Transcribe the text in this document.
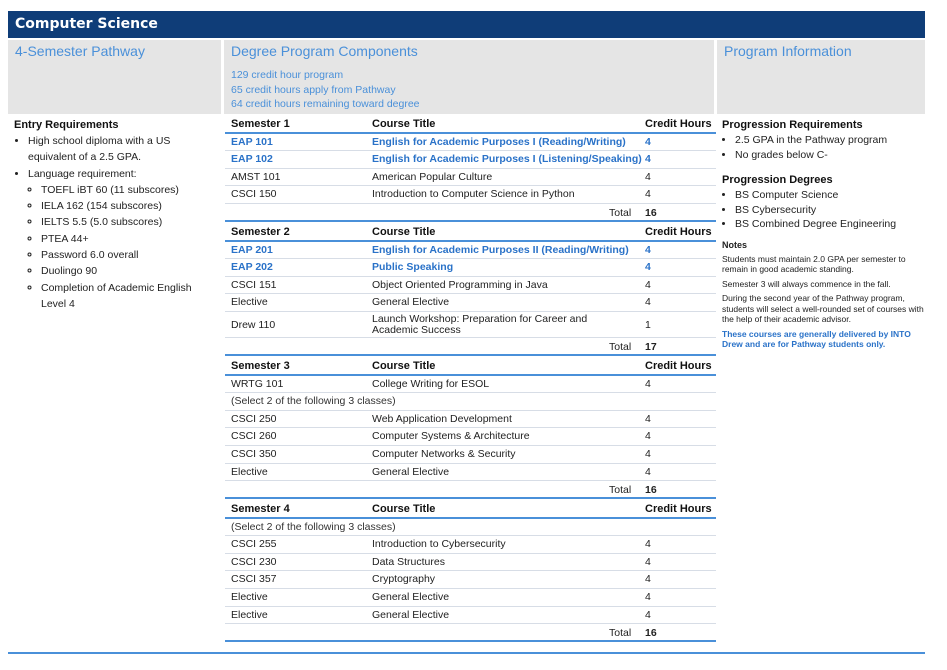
Computer Science
4-Semester Pathway	Degree Program Components
129 credit hour program
65 credit hours apply from Pathway
64 credit hours remaining toward degree
Program Information
Entry Requirements
• High school diploma with a US equivalent of a 2.5 GPA.
• Language requirement:
◦ TOEFL iBT 60 (11 subscores)
◦ IELA 162 (154 subscores)
◦ IELTS 5.5 (5.0 subscores)
◦ PTEA 44+
◦ Password 6.0 overall
◦ Duolingo 90
◦ Completion of Academic English Level 4
Semester 1	Course Title	Credit Hours
EAP 101	English for Academic Purposes I (Reading/Writing) 4
EAP 102	English for Academic Purposes I (Listening/Speaking) 4
AMST 101	American Popular Culture	4
CSCI 150	Introduction to Computer Science in Python	4
Total 16
Semester 2	Course Title	Credit Hours
EAP 201	English for Academic Purposes II (Reading/Writing) 4
EAP 202	Public Speaking	4
CSCI 151	Object Oriented Programming in Java	4
Elective	General Elective	4
Drew 110	Launch Workshop: Preparation for Career and Academic Success	1
Total 17
Semester 3	Course Title	Credit Hours
WRTG 101	College Writing for ESOL	4
(Select 2 of the following 3 classes)
CSCI 250	Web Application Development	4
CSCI 260	Computer Systems & Architecture	4
CSCI 350	Computer Networks & Security	4
Elective	General Elective	4
Total 16
Semester 4	Course Title	Credit Hours
(Select 2 of the following 3 classes)
CSCI 255	Introduction to Cybersecurity	4
CSCI 230	Data Structures	4
CSCI 357	Cryptography	4
Elective	General Elective	4
Elective	General Elective	4
Total 16
Progression Requirements
• 2.5 GPA in the Pathway program
• No grades below C-
Progression Degrees
• BS Computer Science
• BS Cybersecurity
• BS Combined Degree Engineering
Notes

Students must maintain 2.0 GPA per semester to remain in good academic standing.

Semester 3 will always commence in the fall.

During the second year of the Pathway program, students will select a well-rounded set of courses with the help of their academic advisor.

These courses are generally delivered by INTO Drew and are for Pathway students only.
